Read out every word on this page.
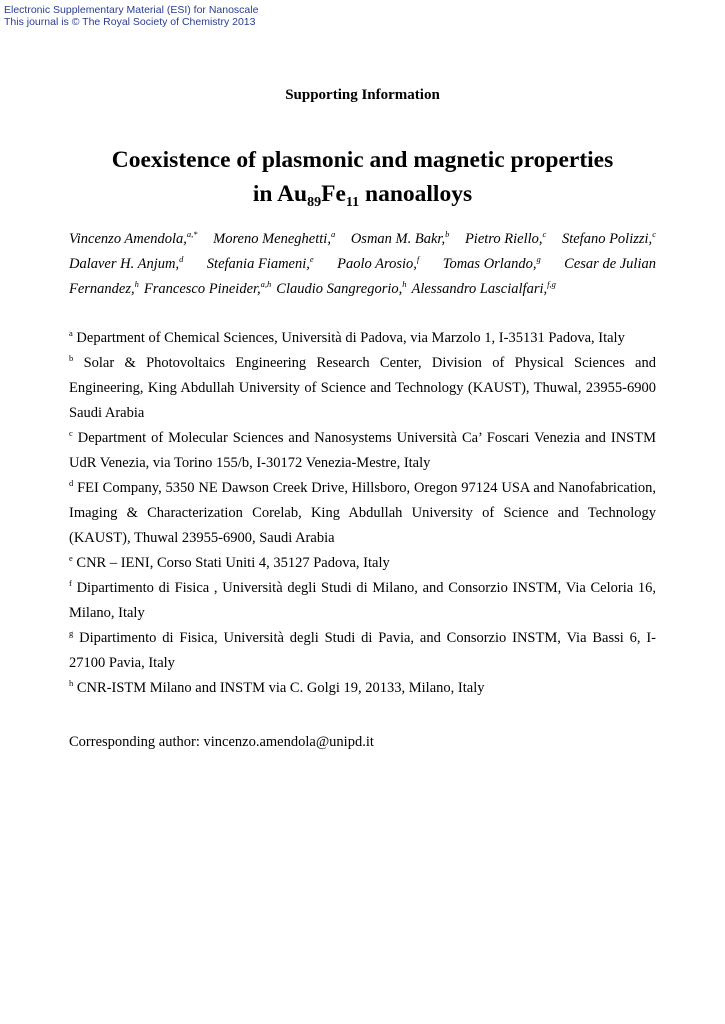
Electronic Supplementary Material (ESI) for Nanoscale
This journal is © The Royal Society of Chemistry 2013
Supporting Information
Coexistence of plasmonic and magnetic properties
in $Au_{89}Fe_{11}$ nanoalloys
Vincenzo Amendola,$^{a,*}$ Moreno Meneghetti,$^a$ Osman M. Bakr,$^b$ Pietro Riello,$^c$ Stefano Polizzi,$^c$
Dalaver H. Anjum,$^d$ Stefania Fiameni,$^e$ Paolo Arosio,$^f$ Tomas Orlando,$^g$ Cesar de Julian
Fernandez,$^h$ Francesco Pineider,$^{a,h}$ Claudio Sangregorio,$^h$ Alessandro Lascialfari,$^{f,g}$
$^a$ Department of Chemical Sciences, Università di Padova, via Marzolo 1, I-35131 Padova, Italy
$^b$ Solar & Photovoltaics Engineering Research Center, Division of Physical Sciences and Engineering, King Abdullah University of Science and Technology (KAUST), Thuwal, 23955-6900 Saudi Arabia
$^c$ Department of Molecular Sciences and Nanosystems Università Ca’ Foscari Venezia and INSTM UdR Venezia, via Torino 155/b, I-30172 Venezia-Mestre, Italy
$^d$ FEI Company, 5350 NE Dawson Creek Drive, Hillsboro, Oregon 97124 USA and Nanofabrication, Imaging & Characterization Corelab, King Abdullah University of Science and Technology (KAUST), Thuwal 23955-6900, Saudi Arabia
$^e$ CNR – IENI, Corso Stati Uniti 4, 35127 Padova, Italy
$^f$ Dipartimento di Fisica , Università degli Studi di Milano, and Consorzio INSTM, Via Celoria 16, Milano, Italy
$^g$ Dipartimento di Fisica, Università degli Studi di Pavia, and Consorzio INSTM, Via Bassi 6, I-27100 Pavia, Italy
$^h$ CNR-ISTM Milano and INSTM via C. Golgi 19, 20133, Milano, Italy
Corresponding author: vincenzo.amendola@unipd.it
